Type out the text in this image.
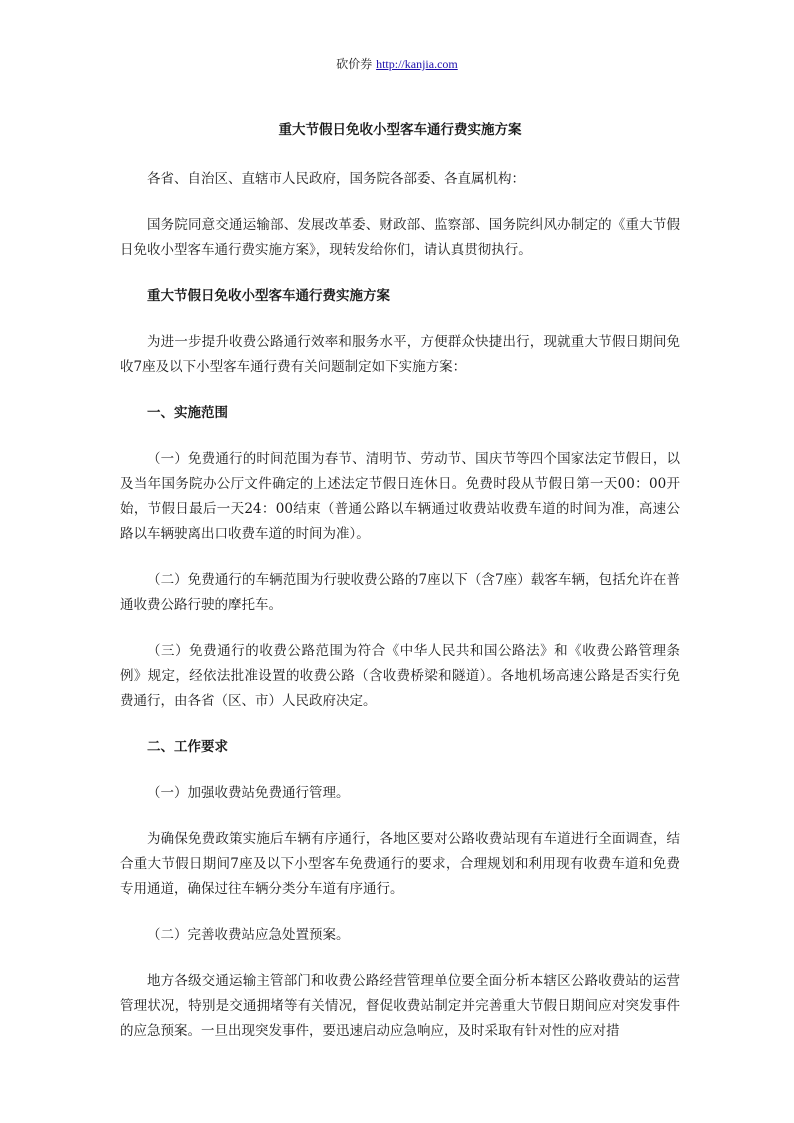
砍价券 http://kanjia.com
重大节假日免收小型客车通行费实施方案

各省、自治区、直辖市人民政府，国务院各部委、各直属机构：

国务院同意交通运输部、发展改革委、财政部、监察部、国务院纠风办制定的《重大节假日免收小型客车通行费实施方案》，现转发给你们，请认真贯彻执行。

重大节假日免收小型客车通行费实施方案

为进一步提升收费公路通行效率和服务水平，方便群众快捷出行，现就重大节假日期间免收7座及以下小型客车通行费有关问题制定如下实施方案：

一、实施范围

（一）免费通行的时间范围为春节、清明节、劳动节、国庆节等四个国家法定节假日，以及当年国务院办公厅文件确定的上述法定节假日连休日。免费时段从节假日第一天00：00开始，节假日最后一天24：00结束（普通公路以车辆通过收费站收费车道的时间为准，高速公路以车辆驶离出口收费车道的时间为准）。

（二）免费通行的车辆范围为行驶收费公路的7座以下（含7座）载客车辆，包括允许在普通收费公路行驶的摩托车。

（三）免费通行的收费公路范围为符合《中华人民共和国公路法》和《收费公路管理条例》规定，经依法批准设置的收费公路（含收费桥梁和隧道）。各地机场高速公路是否实行免费通行，由各省（区、市）人民政府决定。

二、工作要求

（一）加强收费站免费通行管理。

为确保免费政策实施后车辆有序通行，各地区要对公路收费站现有车道进行全面调查，结合重大节假日期间7座及以下小型客车免费通行的要求，合理规划和利用现有收费车道和免费专用通道，确保过往车辆分类分车道有序通行。

（二）完善收费站应急处置预案。

地方各级交通运输主管部门和收费公路经营管理单位要全面分析本辖区公路收费站的运营管理状况，特别是交通拥堵等有关情况，督促收费站制定并完善重大节假日期间应对突发事件的应急预案。一旦出现突发事件，要迅速启动应急响应，及时采取有针对性的应对措
